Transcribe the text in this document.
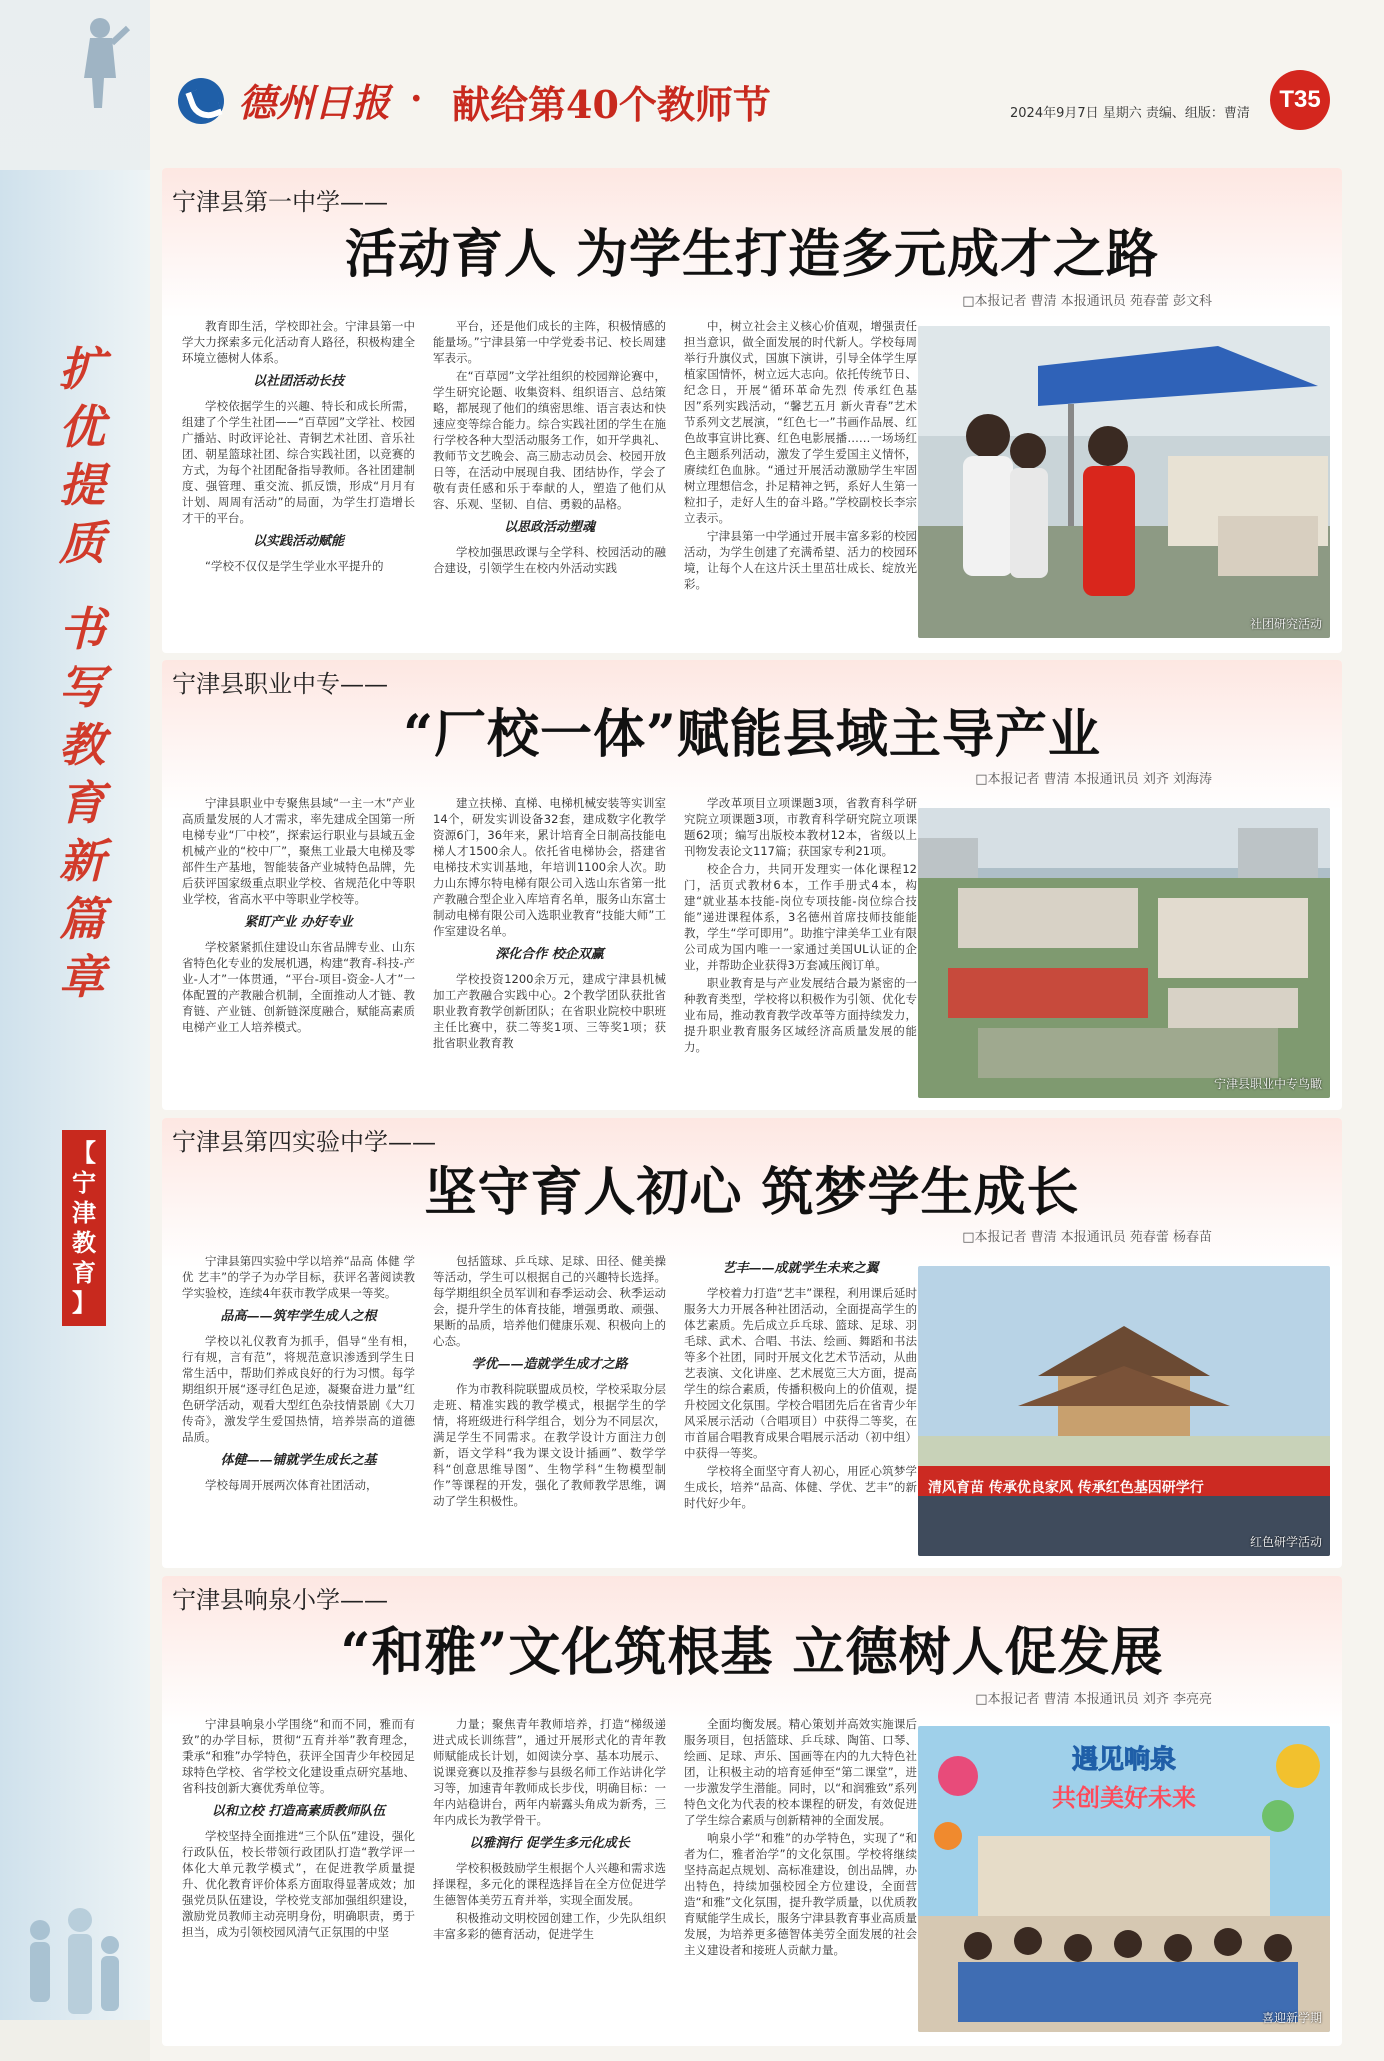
扩
优
提
质
书
写
教
育
新
篇
章
【
宁
津
教
育
】
德州日报 · 献给第40个教师节	2024年9月7日 星期六 责编、组版：曹清
T35
宁津县第一中学——
活动育人 为学生打造多元成才之路
□本报记者 曹清 本报通讯员 苑春蕾 彭文科

教育即生活，学校即社会。宁津县第一中学大力探索多元化活动育人路径，积极构建全环境立德树人体系。

以社团活动长技

学校依据学生的兴趣、特长和成长所需，组建了个学生社团——“百草园”文学社、校园广播站、时政评论社、青铜艺术社团、音乐社团、朝星篮球社团、综合实践社团，以竞赛的方式，为每个社团配备指导教师。各社团建制度、强管理、重交流、抓反馈，形成“月月有计划、周周有活动”的局面，为学生打造增长才干的平台。

以实践活动赋能

“学校不仅仅是学生学业水平提升的

平台，还是他们成长的主阵，积极情感的能量场。”宁津县第一中学党委书记、校长周建军表示。

在“百草园”文学社组织的校园辩论赛中，学生研究论题、收集资料、组织语言、总结策略，都展现了他们的缜密思维、语言表达和快速应变等综合能力。综合实践社团的学生在施行学校各种大型活动服务工作，如开学典礼、教师节文艺晚会、高三励志动员会、校园开放日等，在活动中展现自我、团结协作，学会了敬有责任感和乐于奉献的人，塑造了他们从容、乐观、坚韧、自信、勇毅的品格。

以思政活动塑魂

学校加强思政课与全学科、校园活动的融合建设，引领学生在校内外活动实践

中，树立社会主义核心价值观，增强责任担当意识，做全面发展的时代新人。学校每周举行升旗仪式，国旗下演讲，引导全体学生厚植家国情怀，树立远大志向。依托传统节日、纪念日，开展“循环革命先烈 传承红色基因”系列实践活动，“馨艺五月 新火青春”艺术节系列文艺展演，“红色七一”书画作品展、红色故事宣讲比赛、红色电影展播……一场场红色主题系列活动，激发了学生爱国主义情怀，赓续红色血脉。“通过开展活动激励学生牢固树立理想信念，扑足精神之钙，系好人生第一粒扣子，走好人生的奋斗路。”学校副校长李宗立表示。

宁津县第一中学通过开展丰富多彩的校园活动，为学生创建了充满希望、活力的校园环境，让每个人在这片沃土里茁壮成长、绽放光彩。

社团研究活动
宁津县职业中专——
“厂校一体”赋能县域主导产业
□本报记者 曹清 本报通讯员 刘齐 刘海涛

宁津县职业中专聚焦县域“一主一木”产业高质量发展的人才需求，率先建成全国第一所电梯专业“厂中校”，探索运行职业与县域五金机械产业的“校中厂”，聚焦工业最大电梯及零部件生产基地，智能装备产业城特色品牌，先后获评国家级重点职业学校、省规范化中等职业学校，省高水平中等职业学校等。

紧盯产业 办好专业

学校紧紧抓住建设山东省品牌专业、山东省特色化专业的发展机遇，构建“教育-科技-产业-人才”一体贯通，“平台-项目-资金-人才”一体配置的产教融合机制，全面推动人才链、教育链、产业链、创新链深度融合，赋能高素质电梯产业工人培养模式。

建立扶梯、直梯、电梯机械安装等实训室14个，研发实训设备32套，建成数字化教学资源6门，36年来，累计培育全日制高技能电梯人才1500余人。依托省电梯协会，搭建省电梯技术实训基地，年培训1100余人次。助力山东博尔特电梯有限公司入选山东省第一批产教融合型企业入库培育名单，服务山东富士制动电梯有限公司入选职业教育“技能大师”工作室建设名单。

深化合作 校企双赢

学校投资1200余万元，建成宁津县机械加工产教融合实践中心。2个教学团队获批省职业教育教学创新团队；在省职业院校中职班主任比赛中，获二等奖1项、三等奖1项；获批省职业教育教

学改革项目立项课题3项，省教育科学研究院立项课题3项，市教育科学研究院立项课题62项；编写出版校本教材12本，省级以上刊物发表论文117篇；获国家专利21项。

校企合力，共同开发理实一体化课程12门，活页式教材6本，工作手册式4本，构建“就业基本技能-岗位专项技能-岗位综合技能”递进课程体系，3名德州首席技师技能能教，学生“学可即用”。助推宁津美华工业有限公司成为国内唯一一家通过美国UL认证的企业，并帮助企业获得3万套减压阀订单。

职业教育是与产业发展结合最为紧密的一种教育类型，学校将以积极作为引领、优化专业布局，推动教育教学改革等方面持续发力，提升职业教育服务区域经济高质量发展的能力。

宁津县职业中专鸟瞰
宁津县第四实验中学——
坚守育人初心 筑梦学生成长
□本报记者 曹清 本报通讯员 苑春蕾 杨春苗

宁津县第四实验中学以培养“品高 体健 学优 艺丰”的学子为办学目标，获评名著阅读教学实验校，连续4年获市教学成果一等奖。

品高——筑牢学生成人之根

学校以礼仪教育为抓手，倡导“坐有相，行有规，言有范”，将规范意识渗透到学生日常生活中，帮助们养成良好的行为习惯。每学期组织开展“逐寻红色足迹，凝聚奋进力量”红色研学活动，观看大型红色杂技情景剧《大刀传奇》，激发学生爱国热情，培养崇高的道德品质。

体健——铺就学生成长之基

学校每周开展两次体育社团活动，

包括篮球、乒乓球、足球、田径、健美操等活动，学生可以根据自己的兴趣特长选择。每学期组织全员军训和春季运动会、秋季运动会，提升学生的体育技能，增强勇敢、顽强、果断的品质，培养他们健康乐观、积极向上的心态。

学优——造就学生成才之路

作为市教科院联盟成员校，学校采取分层走班、精准实践的教学模式，根据学生的学情，将班级进行科学组合，划分为不同层次，满足学生不同需求。在教学设计方面注力创新，语文学科“我为课文设计插画”、数学学科“创意思维导图”、生物学科“生物模型制作”等课程的开发，强化了教师教学思维，调动了学生积极性。

艺丰——成就学生未来之翼

学校着力打造“艺丰”课程，利用课后延时服务大力开展各种社团活动，全面提高学生的体艺素质。先后成立乒乓球、篮球、足球、羽毛球、武术、合唱、书法、绘画、舞蹈和书法等多个社团，同时开展文化艺术节活动，从曲艺表演、文化讲座、艺术展览三大方面，提高学生的综合素质，传播积极向上的价值观，提升校园文化氛围。学校合唱团先后在省青少年风采展示活动（合唱项目）中获得二等奖，在市首届合唱教育成果合唱展示活动（初中组）中获得一等奖。

学校将全面坚守育人初心，用匠心筑梦学生成长，培养“品高、体健、学优、艺丰”的新时代好少年。

清风育苗 传承优良家风 传承红色基因研学行
红色研学活动
宁津县响泉小学——
“和雅”文化筑根基 立德树人促发展
□本报记者 曹清 本报通讯员 刘齐 李亮亮

宁津县响泉小学围绕“和而不同，雅而有致”的办学目标，贯彻“五育并举”教育理念，秉承“和雅”办学特色，获评全国青少年校园足球特色学校、省学校文化建设重点研究基地、省科技创新大赛优秀单位等。

以和立校 打造高素质教师队伍

学校坚持全面推进“三个队伍”建设，强化行政队伍，校长带领行政团队打造“教学评一体化大单元教学模式”，在促进教学质量提升、优化教育评价体系方面取得显著成效；加强党员队伍建设，学校党支部加强组织建设，激励党员教师主动亮明身份，明确职责，勇于担当，成为引领校园风清气正氛围的中坚

力量；聚焦青年教师培养，打造“梯级递进式成长训练营”，通过开展形式化的青年教师赋能成长计划，如阅读分享、基本功展示、说课竞赛以及推荐参与县级名师工作站讲化学习等，加速青年教师成长步伐，明确目标：一年内站稳讲台，两年内崭露头角成为新秀，三年内成长为教学骨干。

以雅润行 促学生多元化成长

学校积极鼓励学生根据个人兴趣和需求选择课程，多元化的课程选择旨在全方位促进学生德智体美劳五育并举，实现全面发展。

积极推动文明校园创建工作，少先队组织丰富多彩的德育活动，促进学生

全面均衡发展。精心策划并高效实施课后服务项目，包括篮球、乒乓球、陶笛、口琴、绘画、足球、声乐、国画等在内的九大特色社团，让积极主动的培育延伸至“第二课堂”，进一步激发学生潜能。同时，以“和润雅致”系列特色文化为代表的校本课程的研发，有效促进了学生综合素质与创新精神的全面发展。

响泉小学“和雅”的办学特色，实现了“和者为仁，雅者治学”的文化氛围。学校将继续坚持高起点规划、高标准建设，创出品牌，办出特色，持续加强校园全方位建设，全面营造“和雅”文化氛围，提升教学质量，以优质教育赋能学生成长，服务宁津县教育事业高质量发展，为培养更多德智体美劳全面发展的社会主义建设者和接班人贡献力量。

遇见响泉
共创美好未来
喜迎新学期
